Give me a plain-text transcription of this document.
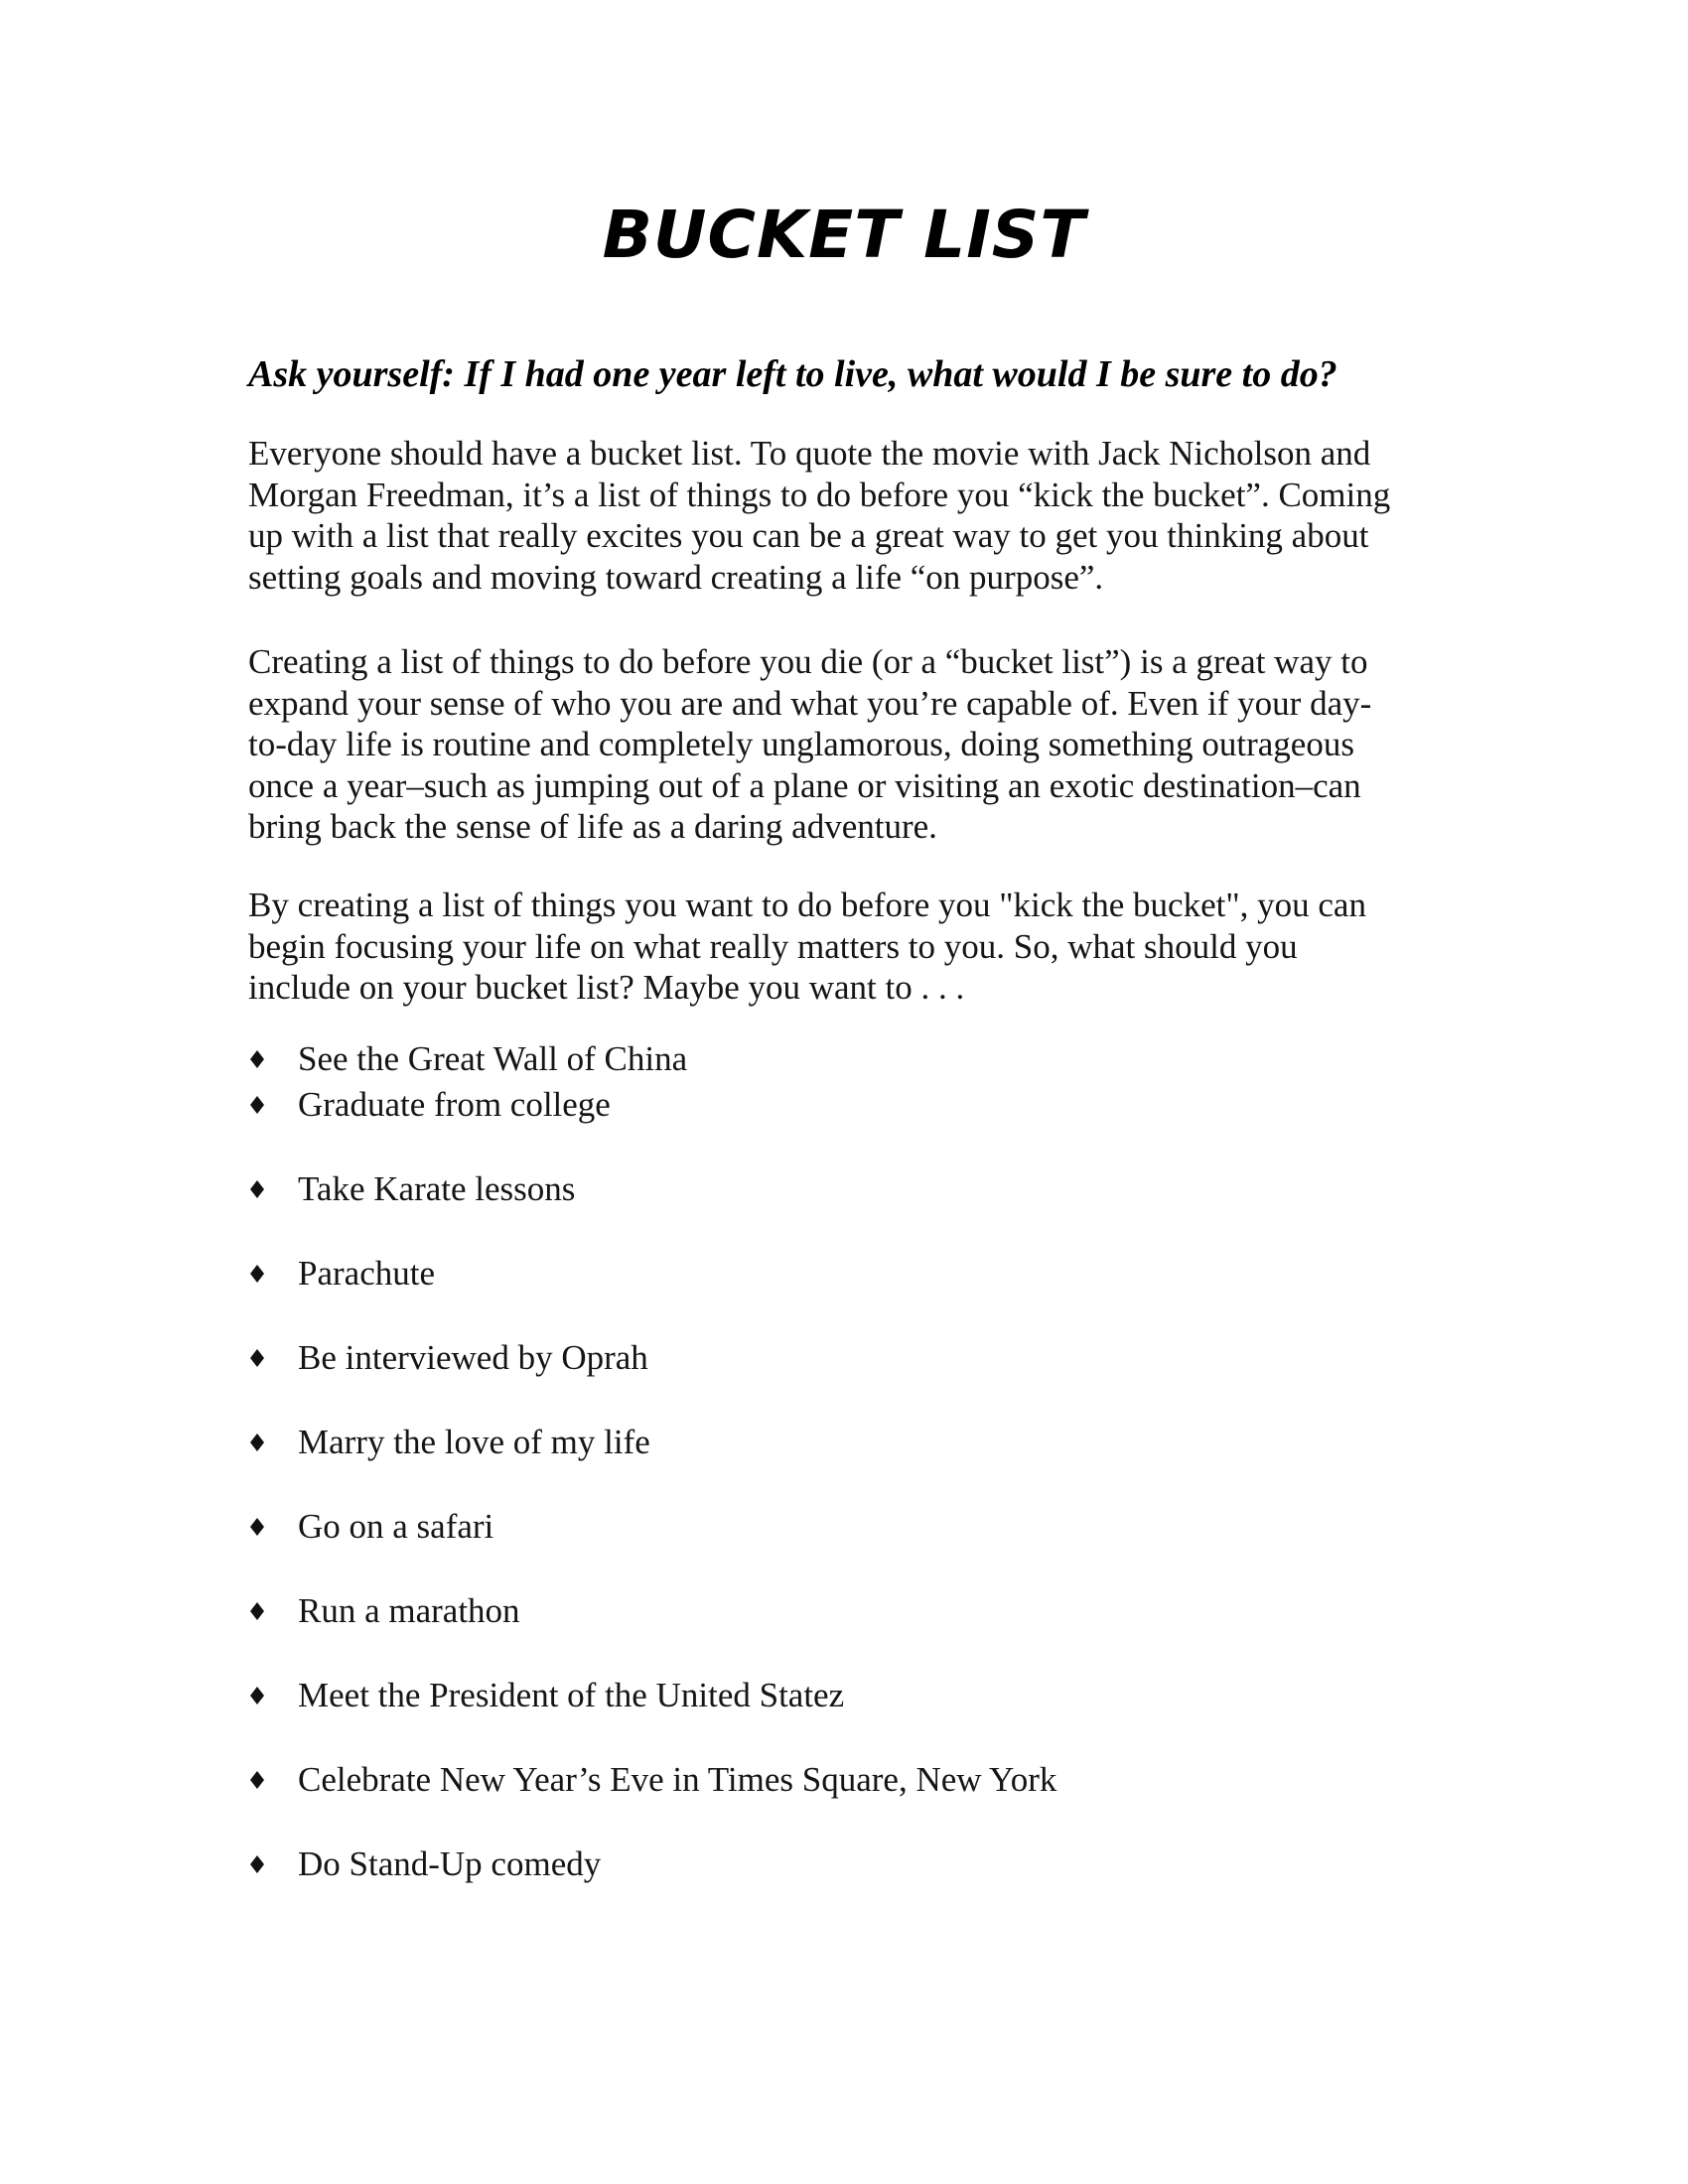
BUCKET LIST
Ask yourself: If I had one year left to live, what would I be sure to do?

Everyone should have a bucket list. To quote the movie with Jack Nicholson and
Morgan Freedman, it’s a list of things to do before you “kick the bucket”. Coming
up with a list that really excites you can be a great way to get you thinking about
setting goals and moving toward creating a life “on purpose”.

Creating a list of things to do before you die (or a “bucket list”) is a great way to
expand your sense of who you are and what you’re capable of. Even if your day-
to-day life is routine and completely unglamorous, doing something outrageous
once a year–such as jumping out of a plane or visiting an exotic destination–can
bring back the sense of life as a daring adventure.

By creating a list of things you want to do before you "kick the bucket", you can
begin focusing your life on what really matters to you. So, what should you
include on your bucket list? Maybe you want to . . .

See the Great Wall of China
Graduate from college
Take Karate lessons
Parachute
Be interviewed by Oprah
Marry the love of my life
Go on a safari
Run a marathon
Meet the President of the United Statez
Celebrate New Year’s Eve in Times Square, New York
Do Stand-Up comedy
